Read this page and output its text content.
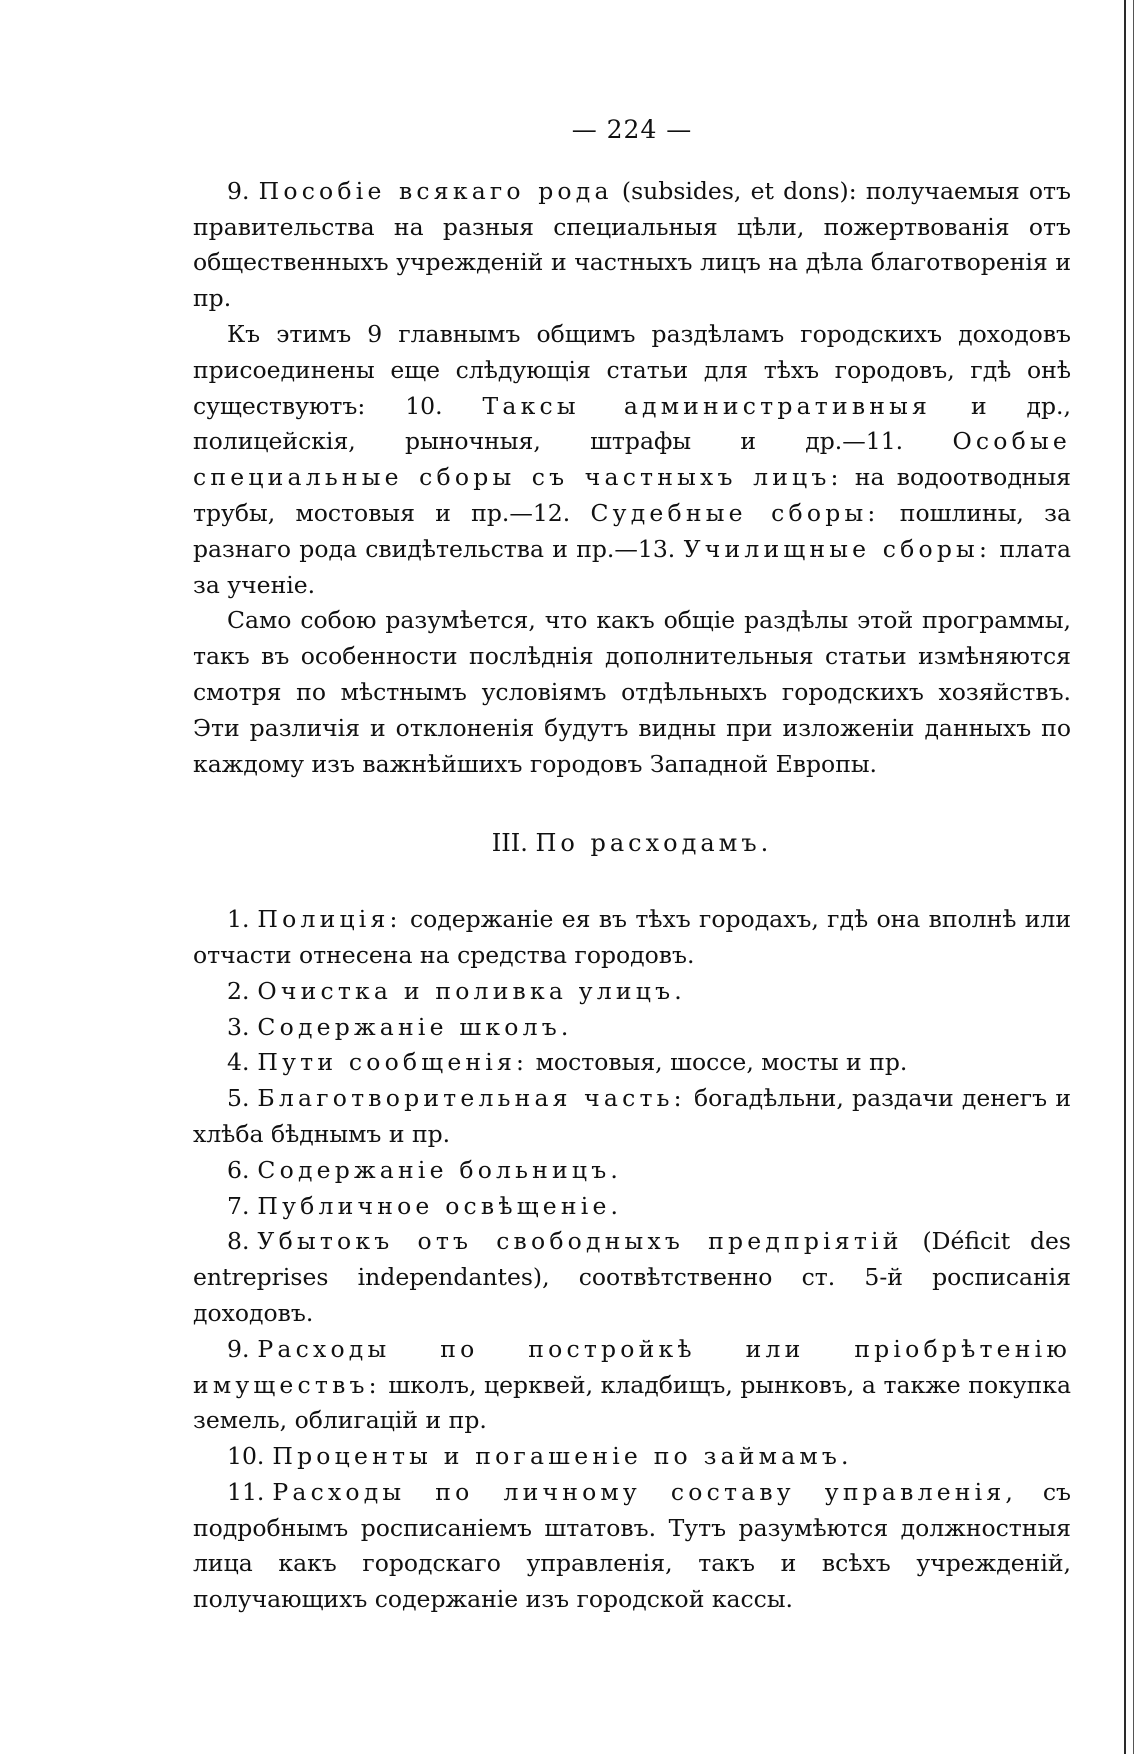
— 224 —

9. Пособіе всякаго рода (subsides, et dons): получаемыя отъ правительства на разныя специальныя цѣли, пожертвованія отъ общественныхъ учрежденій и частныхъ лицъ на дѣла благотворенія и пр.

Къ этимъ 9 главнымъ общимъ раздѣламъ городскихъ доходовъ присоединены еще слѣдующія статьи для тѣхъ городовъ, гдѣ онѣ существуютъ: 10. Таксы административныя и др., полицейскія, рыночныя, штрафы и др.—11. Особые специальные сборы съ частныхъ лицъ: на водоотводныя трубы, мостовыя и пр.—12. Судебные сборы: пошлины, за разнаго рода свидѣтельства и пр.—13. Училищные сборы: плата за ученіе.

Само собою разумѣется, что какъ общіе раздѣлы этой программы, такъ въ особенности послѣднія дополнительныя статьи измѣняются смотря по мѣстнымъ условіямъ отдѣльныхъ городскихъ хозяйствъ. Эти различія и отклоненія будутъ видны при изложеніи данныхъ по каждому изъ важнѣйшихъ городовъ Западной Европы.

III. По расходамъ.

1. Полиція: содержаніе ея въ тѣхъ городахъ, гдѣ она вполнѣ или отчасти отнесена на средства городовъ.

2. Очистка и поливка улицъ.

3. Содержаніе школъ.

4. Пути сообщенія: мостовыя, шоссе, мосты и пр.

5. Благотворительная часть: богадѣльни, раздачи денегъ и хлѣба бѣднымъ и пр.

6. Содержаніе больницъ.

7. Публичное освѣщеніе.

8. Убытокъ отъ свободныхъ предпріятій (Déficit des entreprises independantes), соотвѣтственно ст. 5-й росписанія доходовъ.

9. Расходы по постройкѣ или пріобрѣтенію имуществъ: школъ, церквей, кладбищъ, рынковъ, а также покупка земель, облигацій и пр.

10. Проценты и погашеніе по займамъ.

11. Расходы по личному составу управленія, съ подробнымъ росписаніемъ штатовъ. Тутъ разумѣются должностныя лица какъ городскаго управленія, такъ и всѣхъ учрежденій, получающихъ содержаніе изъ городской кассы.
